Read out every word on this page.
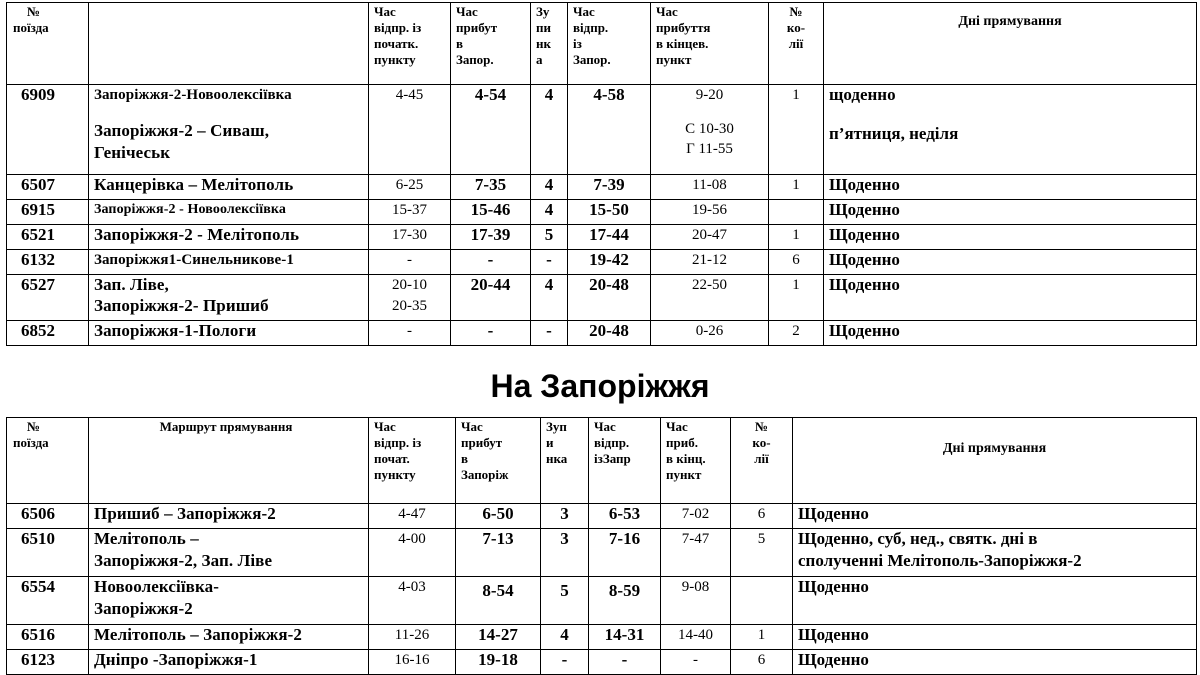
№
поїзда		Час
відпр. із
початк.
пункту	Час
прибут
в
Запор.	Зу
пи
нк
а	Час
відпр.
із
Запор.	Час
прибуття
в кінцев.
пункт	№
ко-
лії	Дні прямування

6909	Запоріжжя-2-Новоолексіївка
Запоріжжя-2 – Сиваш,
Генічеськ	4-45	4-54	4	4-58	9-20
С 10-30
Г 11-55	1	щоденно
п’ятниця, неділя

6507	Канцерівка – Мелітополь	6-25	7-35	4	7-39	11-08	1	Щоденно

6915	Запоріжжя-2 - Новоолексіївка	15-37	15-46	4	15-50	19-56		Щоденно

6521	Запоріжжя-2 - Мелітополь	17-30	17-39	5	17-44	20-47	1	Щоденно

6132	Запоріжжя1-Синельникове-1	-	-	-	19-42	21-12	6	Щоденно

6527	Зап. Ліве,
Запоріжжя-2- Пришиб	20-10
20-35	20-44	4	20-48	22-50	1	Щоденно

6852	Запоріжжя-1-Пологи	-	-	-	20-48	0-26	2	Щоденно
На Запоріжжя
№
поїзда	Маршрут прямування	Час
відпр. із
почат.
пункту	Час
прибут
в
Запоріж	Зуп
и
нка	Час
відпр.
ізЗапр	Час
приб.
в кінц.
пункт	№
ко-
лії	Дні прямування

6506	Пришиб – Запоріжжя-2	4-47	6-50	3	6-53	7-02	6	Щоденно

6510	Мелітополь –
Запоріжжя-2, Зап. Ліве	4-00	7-13	3	7-16	7-47	5	Щоденно, суб, нед., святк. дні в
сполученні Мелітополь-Запоріжжя-2

6554	Новоолексіївка-
Запоріжжя-2	4-03	8-54	5	8-59	9-08		Щоденно

6516	Мелітополь – Запоріжжя-2	11-26	14-27	4	14-31	14-40	1	Щоденно

6123	Дніпро -Запоріжжя-1	16-16	19-18	-	-	-	6	Щоденно
